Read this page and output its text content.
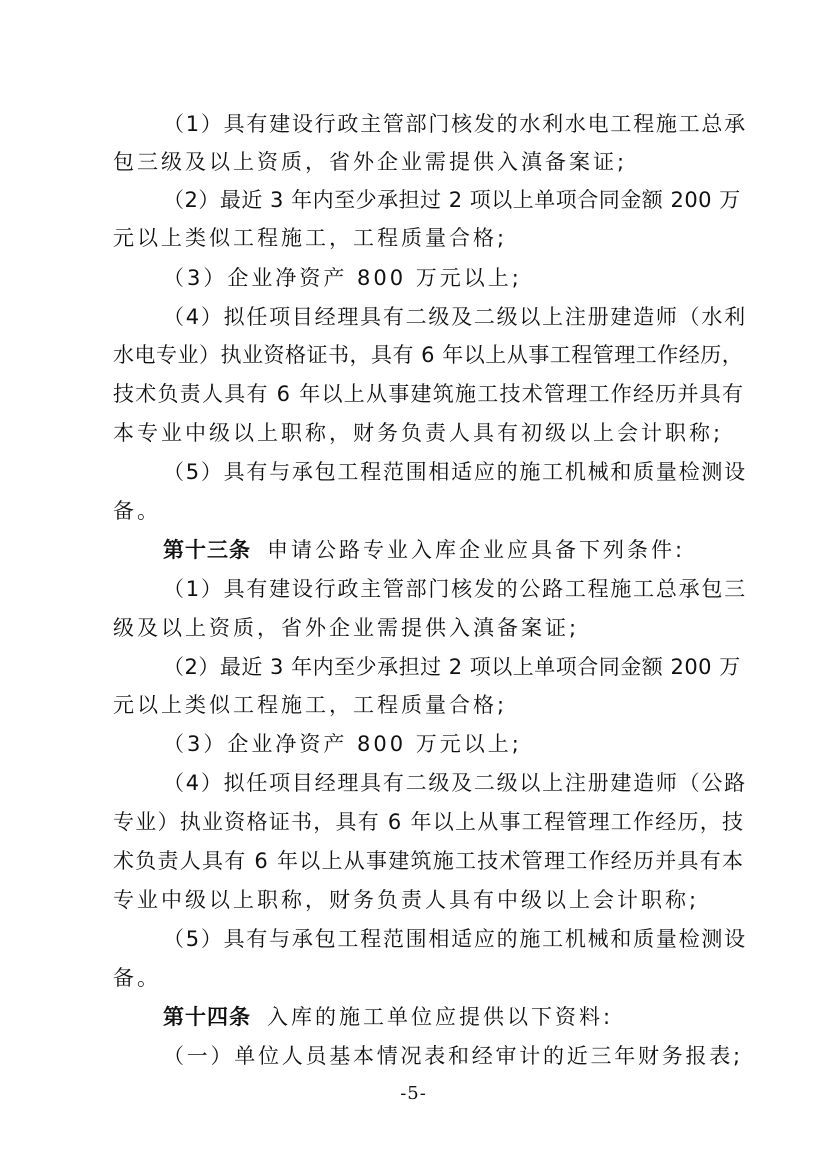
（1）具有建设行政主管部门核发的水利水电工程施工总承
包三级及以上资质，省外企业需提供入滇备案证;
（2）最近 3 年内至少承担过 2 项以上单项合同金额 200 万
元以上类似工程施工，工程质量合格;
（3）企业净资产 800 万元以上;
（4）拟任项目经理具有二级及二级以上注册建造师（水利
水电专业）执业资格证书，具有 6 年以上从事工程管理工作经历，
技术负责人具有 6 年以上从事建筑施工技术管理工作经历并具有
本专业中级以上职称，财务负责人具有初级以上会计职称;
（5）具有与承包工程范围相适应的施工机械和质量检测设
备。
第十三条 申请公路专业入库企业应具备下列条件:
（1）具有建设行政主管部门核发的公路工程施工总承包三
级及以上资质，省外企业需提供入滇备案证;
（2）最近 3 年内至少承担过 2 项以上单项合同金额 200 万
元以上类似工程施工，工程质量合格;
（3）企业净资产 800 万元以上;
（4）拟任项目经理具有二级及二级以上注册建造师（公路
专业）执业资格证书，具有 6 年以上从事工程管理工作经历，技
术负责人具有 6 年以上从事建筑施工技术管理工作经历并具有本
专业中级以上职称，财务负责人具有中级以上会计职称;
（5）具有与承包工程范围相适应的施工机械和质量检测设
备。
第十四条 入库的施工单位应提供以下资料:
（一）单位人员基本情况表和经审计的近三年财务报表;
-5-
